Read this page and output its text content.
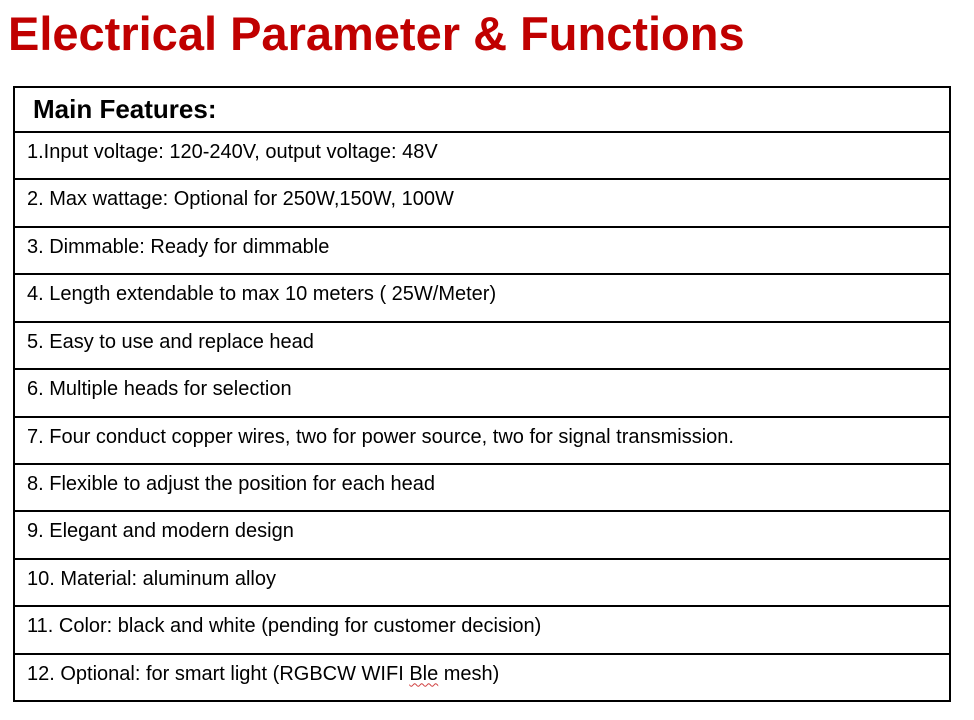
Electrical Parameter & Functions
Main Features:
1.Input voltage: 120-240V, output voltage: 48V
2. Max wattage: Optional for 250W,150W, 100W
3. Dimmable: Ready for dimmable
4. Length extendable to max 10 meters ( 25W/Meter)
5. Easy to use and replace head
6. Multiple heads for selection
7. Four conduct copper wires, two for power source, two for signal transmission.
8. Flexible to adjust the position for each head
9. Elegant and modern design
10. Material: aluminum alloy
11. Color: black and white (pending for customer decision)
12. Optional: for smart light (RGBCW WIFI Ble mesh)
